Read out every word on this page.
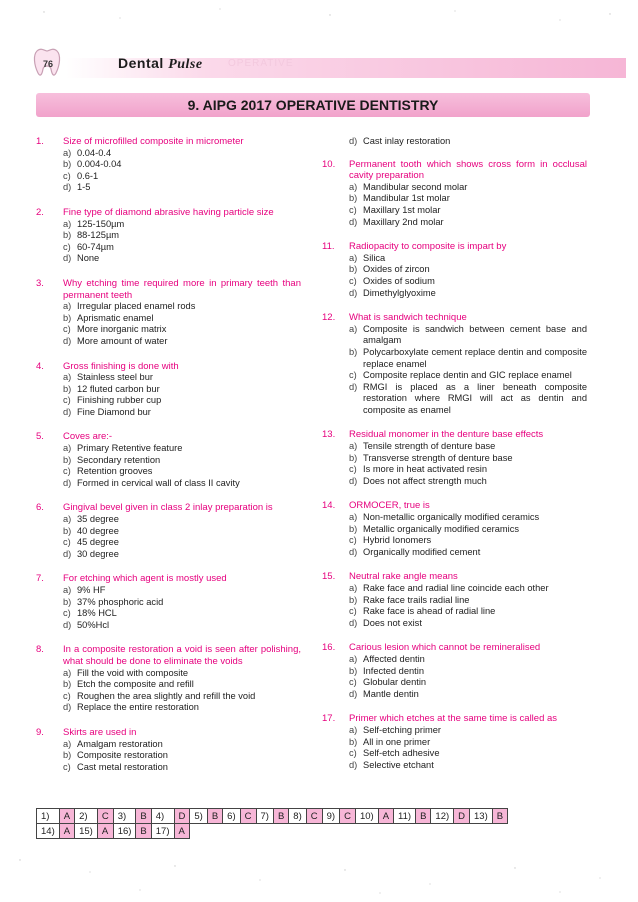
76	Dental Pulse	OPERATIVE
9. AIPG 2017 OPERATIVE DENTISTRY
1. Size of microfilled composite in micrometer
a) 0.04-0.4
b) 0.004-0.04
c) 0.6-1
d) 1-5
2. Fine type of diamond abrasive having particle size
a) 125-150µm
b) 88-125µm
c) 60-74µm
d) None
3. Why etching time required more in primary teeth than permanent teeth
a) Irregular placed enamel rods
b) Aprismatic enamel
c) More inorganic matrix
d) More amount of water
4. Gross finishing is done with
a) Stainless steel bur
b) 12 fluted carbon bur
c) Finishing rubber cup
d) Fine Diamond bur
5. Coves are:-
a) Primary Retentive feature
b) Secondary retention
c) Retention grooves
d) Formed in cervical wall of class II cavity
6. Gingival bevel given in class 2 inlay preparation is
a) 35 degree
b) 40 degree
c) 45 degree
d) 30 degree
7. For etching which agent is mostly used
a) 9% HF
b) 37% phosphoric acid
c) 18% HCL
d) 50%Hcl
8. In a composite restoration a void is seen after polishing, what should be done to eliminate the voids
a) Fill the void with composite
b) Etch the composite and refill
c) Roughen the area slightly and refill the void
d) Replace the entire restoration
9. Skirts are used in
a) Amalgam restoration
b) Composite restoration
c) Cast metal restoration
d) Cast inlay restoration
10. Permanent tooth which shows cross form in occlusal cavity preparation
a) Mandibular second molar
b) Mandibular 1st molar
c) Maxillary 1st molar
d) Maxillary 2nd molar
11. Radiopacity to composite is impart by
a) Silica
b) Oxides of zircon
c) Oxides of sodium
d) Dimethylglyoxime
12. What is sandwich technique
a) Composite is sandwich between cement base and amalgam
b) Polycarboxylate cement replace dentin and composite replace enamel
c) Composite replace dentin and GIC replace enamel
d) RMGI is placed as a liner beneath composite restoration where RMGI will act as dentin and composite as enamel
13. Residual monomer in the denture base effects
a) Tensile strength of denture base
b) Transverse strength of denture base
c) Is more in heat activated resin
d) Does not affect strength much
14. ORMOCER, true is
a) Non-metallic organically modified ceramics
b) Metallic organically modified ceramics
c) Hybrid Ionomers
d) Organically modified cement
15. Neutral rake angle means
a) Rake face and radial line coincide each other
b) Rake face trails radial line
c) Rake face is ahead of radial line
d) Does not exist
16. Carious lesion which cannot be remineralised
a) Affected dentin
b) Infected dentin
c) Globular dentin
d) Mantle dentin
17. Primer which etches at the same time is called as
a) Self-etching primer
b) All in one primer
c) Self-etch adhesive
d) Selective etchant
1)	A	2)	C	3)	B	4)	D	5)	B	6)	C	7)	B	8)	C	9)	C	10)	A	11)	B	12)	D	13)	B
14)	A	15)	A	16)	B	17)	A																		
